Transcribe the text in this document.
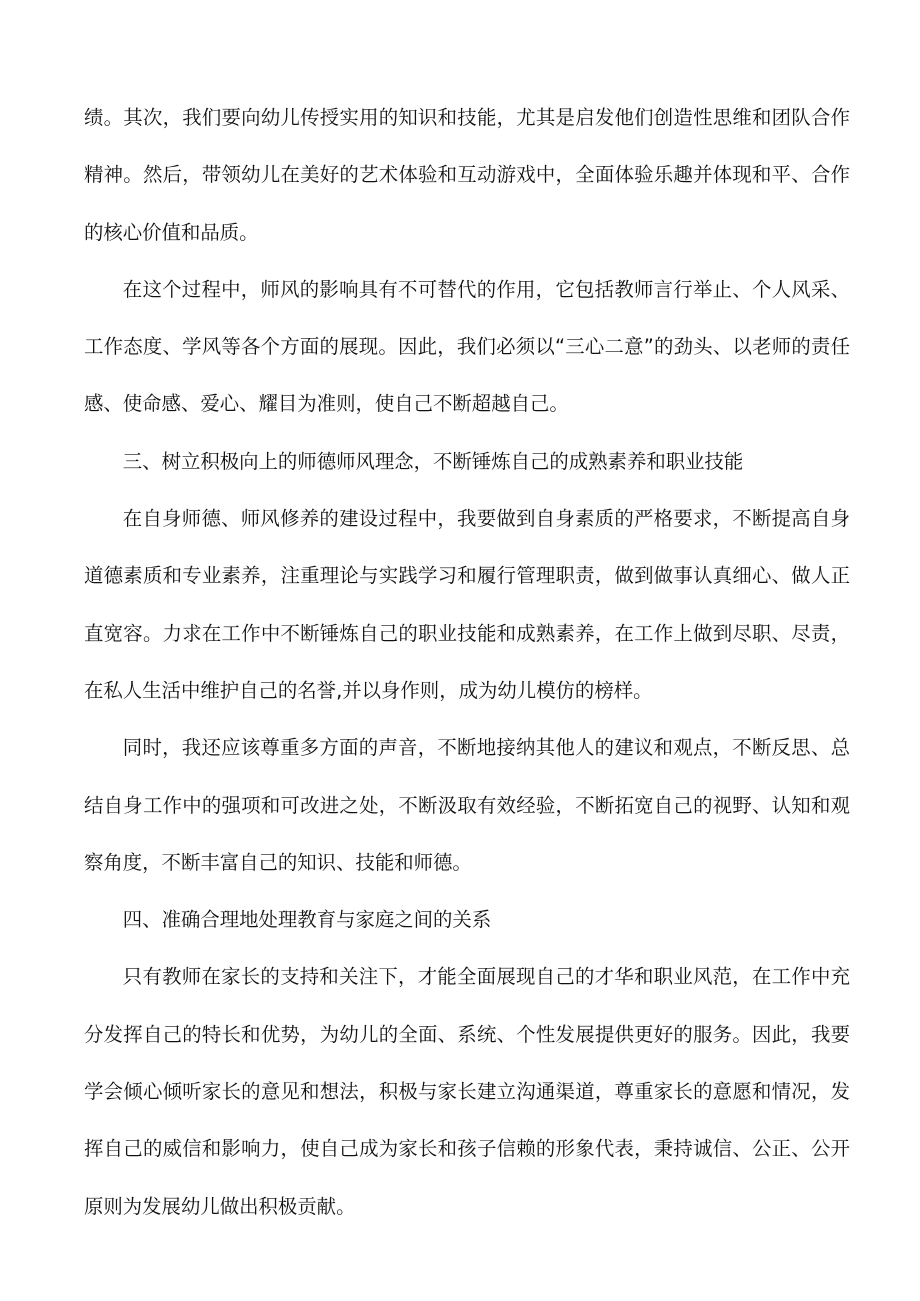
绩。其次，我们要向幼儿传授实用的知识和技能，尤其是启发他们创造性思维和团队合作精神。然后，带领幼儿在美好的艺术体验和互动游戏中，全面体验乐趣并体现和平、合作的核心价值和品质。

在这个过程中，师风的影响具有不可替代的作用，它包括教师言行举止、个人风采、工作态度、学风等各个方面的展现。因此，我们必须以“三心二意”的劲头、以老师的责任感、使命感、爱心、耀目为准则，使自己不断超越自己。

三、树立积极向上的师德师风理念，不断锤炼自己的成熟素养和职业技能

在自身师德、师风修养的建设过程中，我要做到自身素质的严格要求，不断提高自身道德素质和专业素养，注重理论与实践学习和履行管理职责，做到做事认真细心、做人正直宽容。力求在工作中不断锤炼自己的职业技能和成熟素养，在工作上做到尽职、尽责，在私人生活中维护自己的名誉,并以身作则，成为幼儿模仿的榜样。

同时，我还应该尊重多方面的声音，不断地接纳其他人的建议和观点，不断反思、总结自身工作中的强项和可改进之处，不断汲取有效经验，不断拓宽自己的视野、认知和观察角度，不断丰富自己的知识、技能和师德。

四、准确合理地处理教育与家庭之间的关系

只有教师在家长的支持和关注下，才能全面展现自己的才华和职业风范，在工作中充分发挥自己的特长和优势，为幼儿的全面、系统、个性发展提供更好的服务。因此，我要学会倾心倾听家长的意见和想法，积极与家长建立沟通渠道，尊重家长的意愿和情况，发挥自己的威信和影响力，使自己成为家长和孩子信赖的形象代表，秉持诚信、公正、公开原则为发展幼儿做出积极贡献。
